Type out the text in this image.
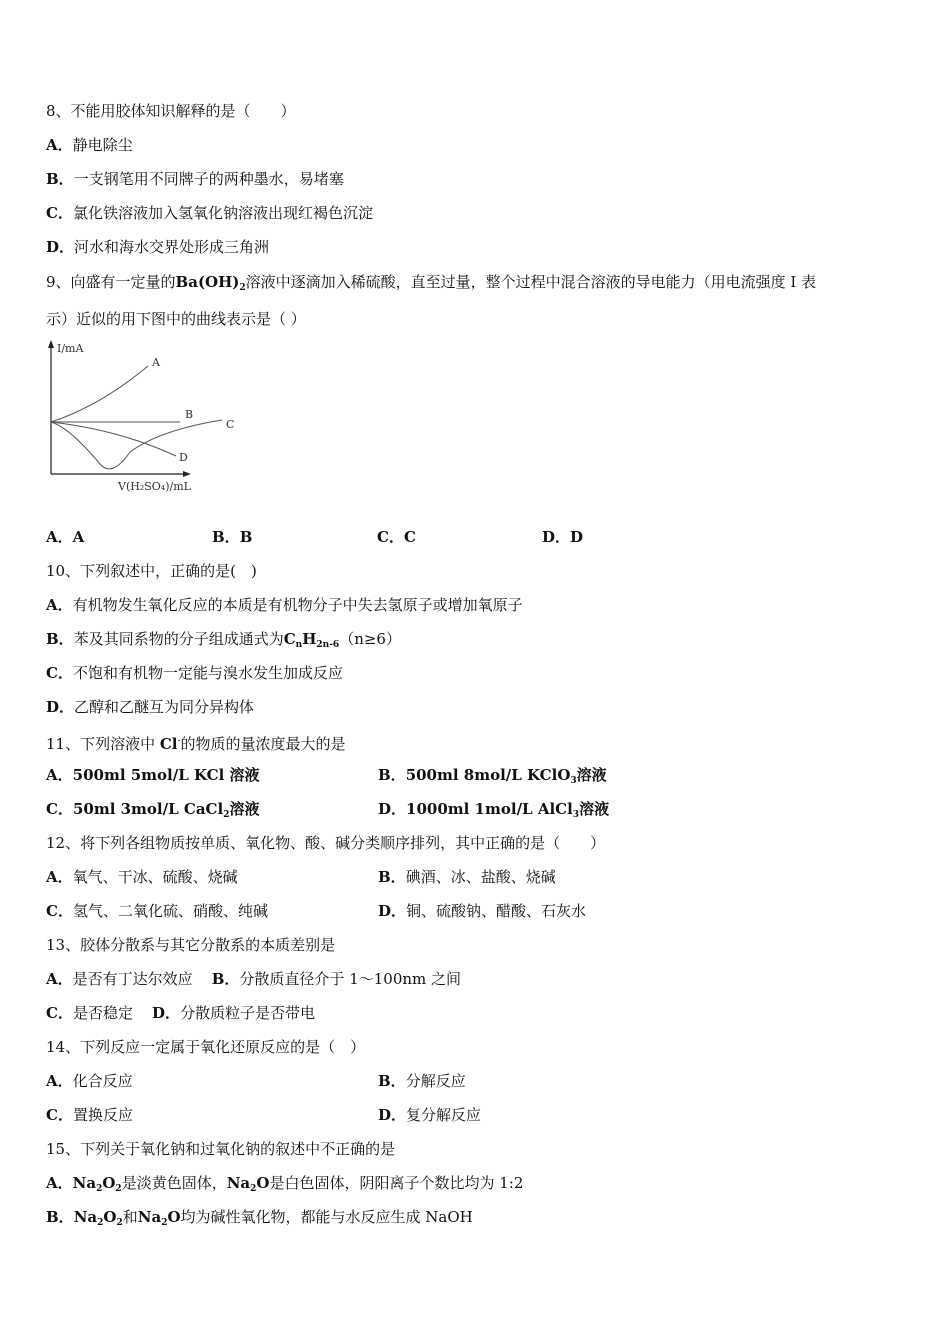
8、不能用胶体知识解释的是（　　）
A．静电除尘
B．一支钢笔用不同牌子的两种墨水，易堵塞
C．氯化铁溶液加入氢氧化钠溶液出现红褐色沉淀
D．河水和海水交界处形成三角洲
9、向盛有一定量的$Ba(OH)_2$溶液中逐滴加入稀硫酸，直至过量，整个过程中混合溶液的导电能力（用电流强度 I 表
示）近似的用下图中的曲线表示是（ ）
I/mA
V(H₂SO₄)/mL
A
B
C
D
A．A	B．B	C．C	D．D
10、下列叙述中，正确的是(　)
A．有机物发生氧化反应的本质是有机物分子中失去氢原子或增加氧原子
B．苯及其同系物的分子组成通式为$C_nH_{2n-6}(n\ge 6)$
C．不饱和有机物一定能与溴水发生加成反应
D．乙醇和乙醚互为同分异构体
11、下列溶液中 Cl-的物质的量浓度最大的是
A．500ml 5mol/L KCl 溶液	B．500ml 8mol/L KClO$_3$溶液
C．50ml 3mol/L CaCl$_2$溶液	D．1000ml 1mol/L AlCl$_3$溶液
12、将下列各组物质按单质、氧化物、酸、碱分类顺序排列，其中正确的是（　　）
A．氧气、干冰、硫酸、烧碱	B．碘酒、冰、盐酸、烧碱
C．氢气、二氧化硫、硝酸、纯碱	D．铜、硫酸钠、醋酸、石灰水
13、胶体分散系与其它分散系的本质差别是
A．是否有丁达尔效应 B．分散质直径介于 1～100nm 之间
C．是否稳定 D．分散质粒子是否带电
14、下列反应一定属于氧化还原反应的是（　）
A．化合反应	B．分解反应
C．置换反应	D．复分解反应
15、下列关于氧化钠和过氧化钠的叙述中不正确的是
A．$Na_2O_2$是淡黄色固体，$Na_2O$是白色固体，阴阳离子个数比均为 1:2
B．$Na_2O_2$和$Na_2O$均为碱性氧化物，都能与水反应生成 NaOH
